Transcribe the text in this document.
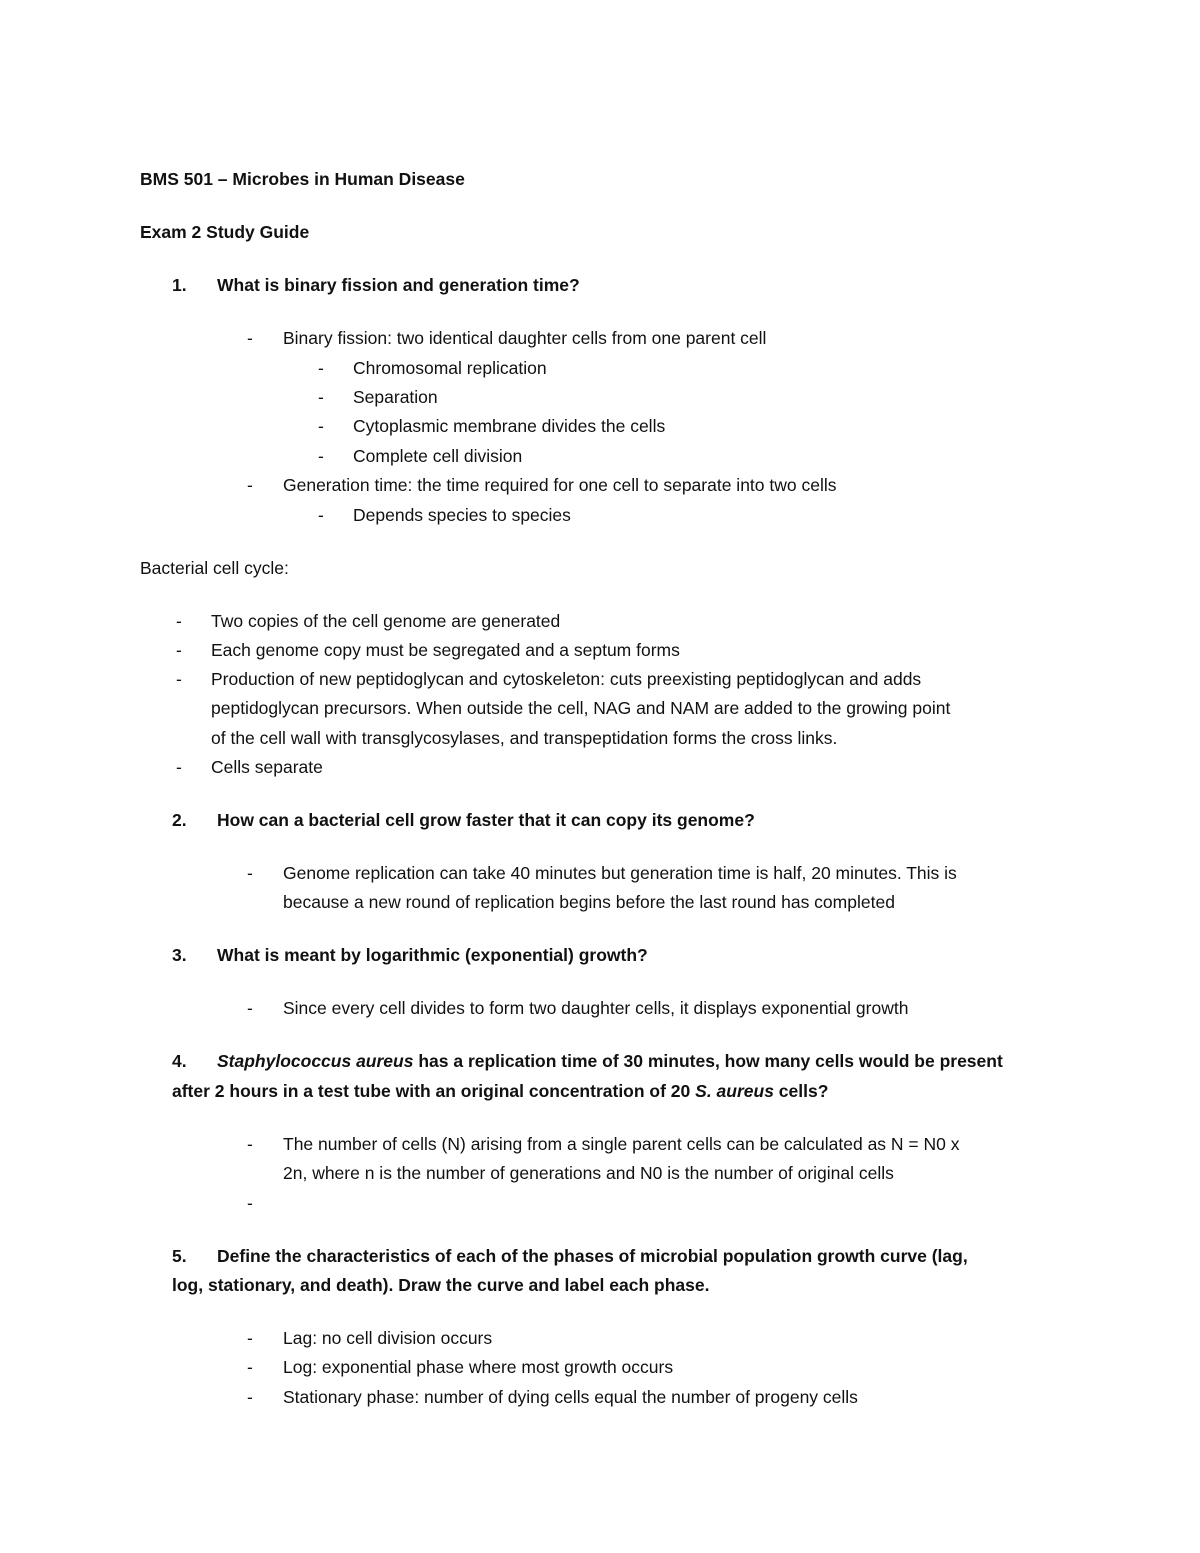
BMS 501 – Microbes in Human Disease
Exam 2 Study Guide
1. What is binary fission and generation time?
- Binary fission: two identical daughter cells from one parent cell
- Chromosomal replication
- Separation
- Cytoplasmic membrane divides the cells
- Complete cell division
- Generation time: the time required for one cell to separate into two cells
- Depends species to species
Bacterial cell cycle:
- Two copies of the cell genome are generated
- Each genome copy must be segregated and a septum forms
- Production of new peptidoglycan and cytoskeleton: cuts preexisting peptidoglycan and adds
peptidoglycan precursors. When outside the cell, NAG and NAM are added to the growing point
of the cell wall with transglycosylases, and transpeptidation forms the cross links.
- Cells separate
2. How can a bacterial cell grow faster that it can copy its genome?
- Genome replication can take 40 minutes but generation time is half, 20 minutes. This is
because a new round of replication begins before the last round has completed
3. What is meant by logarithmic (exponential) growth?
- Since every cell divides to form two daughter cells, it displays exponential growth
4. Staphylococcus aureus has a replication time of 30 minutes, how many cells would be present
after 2 hours in a test tube with an original concentration of 20 S. aureus cells?
- The number of cells (N) arising from a single parent cells can be calculated as N = N0 x
2n, where n is the number of generations and N0 is the number of original cells
-
5. Define the characteristics of each of the phases of microbial population growth curve (lag,
log, stationary, and death). Draw the curve and label each phase.
- Lag: no cell division occurs
- Log: exponential phase where most growth occurs
- Stationary phase: number of dying cells equal the number of progeny cells
